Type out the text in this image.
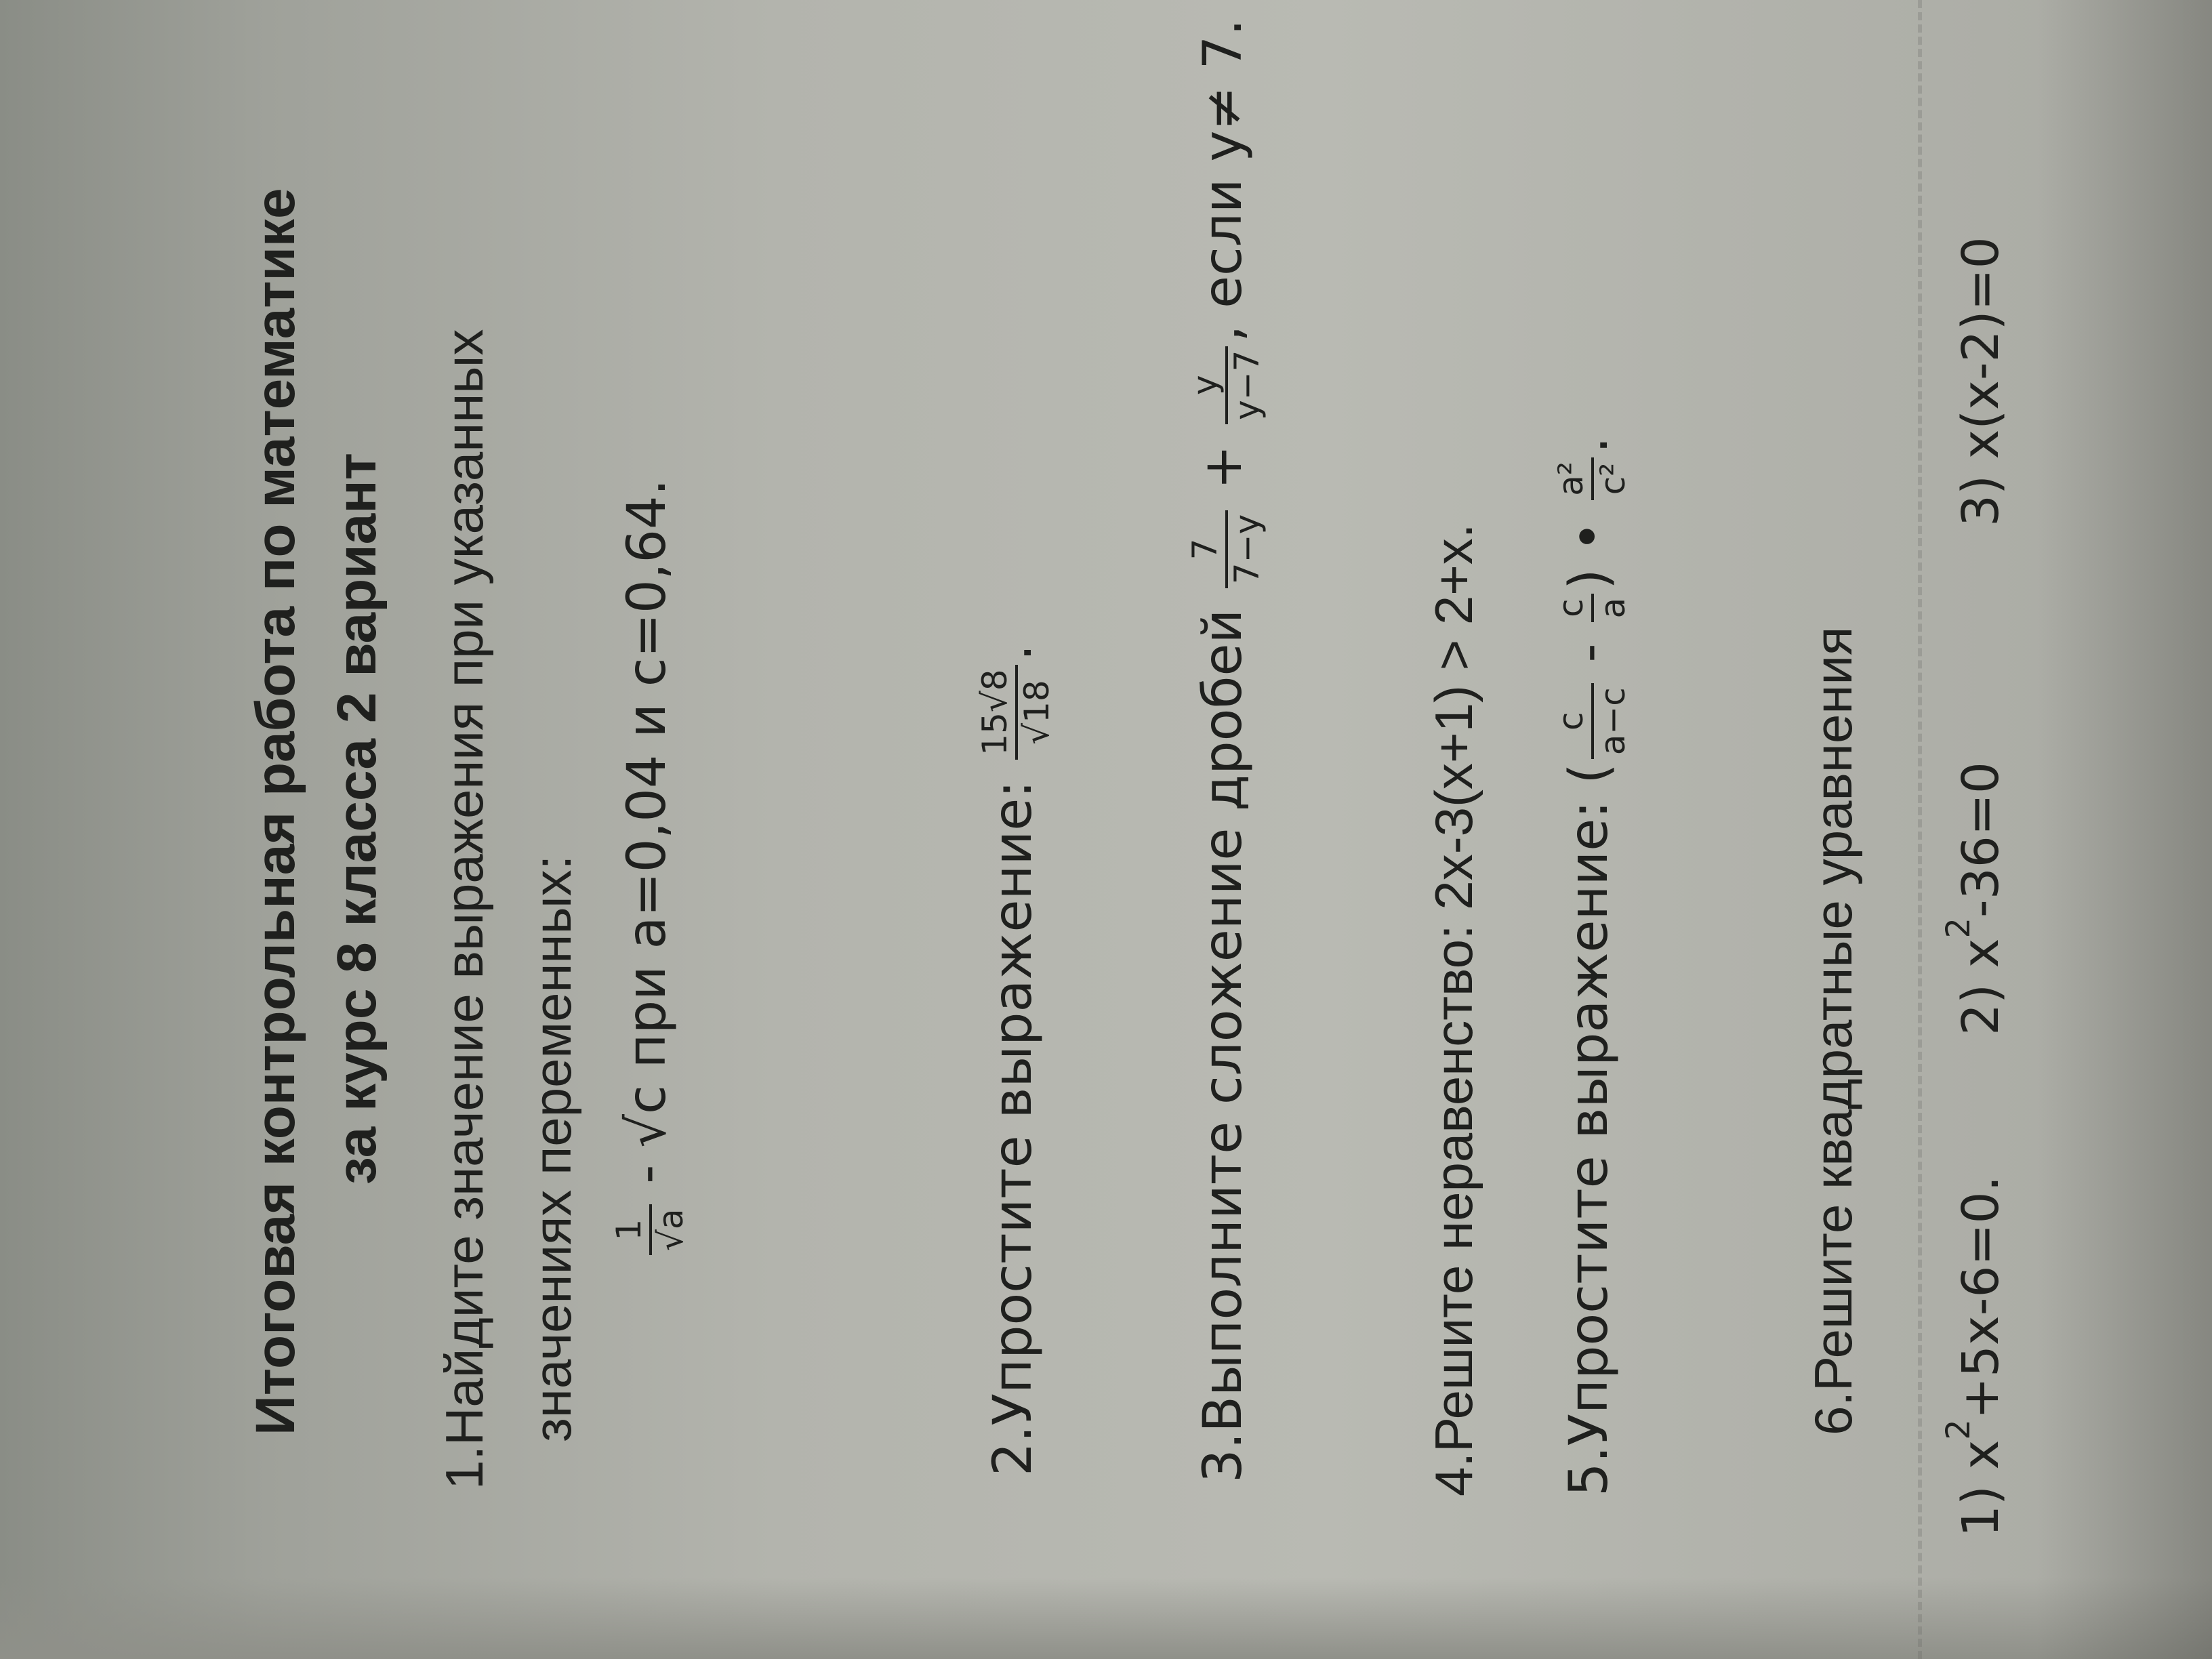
Итоговая контрольная работа по математике за курс 8 класса 2 вариант 1.Найдите значение выражения при указанных значениях переменных: 1 √a
- √c при а=0,04 и с=0,64.
2.Упростите выражение:
15√8 √18
.	3.Выполните сложение дробей
7 7−y
+
y y−7
, если y≠ 7.
4.Решите неравенство: 2х-3(х+1) > 2+х. 5.Упростите выражение: (
c a−c
-
c a
) •
a² c²
.
6.Решите квадратные уравнения
1) $x^2+5x-6=0$.  2) $x^2-36=0$  3) x(x-2)=0
